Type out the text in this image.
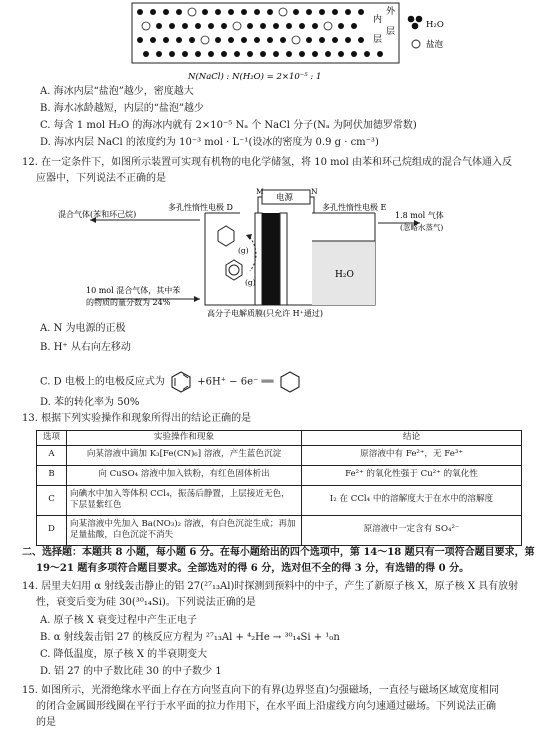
内
层
外
层
H₂O
盐泡
N(NaCl) : N(H₂O) = 2×10⁻⁵ : 1
A. 海冰内层“盐泡”越少，密度越大
B. 海水冰龄越短，内层的“盐泡”越少
C. 每含 1 mol H₂O 的海冰内就有 2×10⁻⁵ Nₐ 个 NaCl 分子(Nₐ 为阿伏加德罗常数)
D. 海冰内层 NaCl 的浓度约为 10⁻³ mol · L⁻¹(设冰的密度为 0.9 g · cm⁻³)
12. 在一定条件下，如图所示装置可实现有机物的电化学储氢，将 10 mol 由苯和环己烷组成的混合气体通入反
应器中，下列说法不正确的是
电源
M	N
多孔性惰性电极 D	多孔性惰性电极 E
H₂O
混合气体(苯和环己烷)	1.8 mol 气体
(忽略水蒸气)
10 mol 混合气体，其中苯
的物质的量分数为 24%
(g)
(g)
高分子电解质膜(只允许 H⁺通过)
A. N 为电源的正极
B. H⁺ 从右向左移动
C. D 电极上的电极反应式为	+6H⁺ − 6e⁻ ══
D. 苯的转化率为 50%
13. 根据下列实验操作和现象所得出的结论正确的是
选项	实验操作和现象	结论
A	向某溶液中滴加 K₃[Fe(CN)₆] 溶液，产生蓝色沉淀	原溶液中有 Fe²⁺，无 Fe³⁺
B	向 CuSO₄ 溶液中加入铁粉，有红色固体析出	Fe²⁺ 的氧化性强于 Cu²⁺ 的氧化性
C	向碘水中加入等体积 CCl₄，振荡后静置，上层接近无色，下层显紫红色	I₂ 在 CCl₄ 中的溶解度大于在水中的溶解度
D	向某溶液中先加入 Ba(NO₃)₂ 溶液，有白色沉淀生成；再加足量盐酸，白色沉淀不消失	原溶液中一定含有 SO₄²⁻
二、选择题：本题共 8 小题，每小题 6 分。在每小题给出的四个选项中，第 14～18 题只有一项符合题目要求，第
19～21 题有多项符合题目要求。全部选对的得 6 分，选对但不全的得 3 分，有选错的得 0 分。
14. 居里夫妇用 α 射线轰击静止的铝 27(²⁷₁₃Al)时探测到预料中的中子，产生了新原子核 X，原子核 X 具有放射
性，衰变后变为硅 30(³⁰₁₄Si)。下列说法正确的是
A. 原子核 X 衰变过程中产生正电子
B. α 射线轰击铝 27 的核反应方程为 ²⁷₁₃Al + ⁴₂He → ³⁰₁₄Si + ¹₀n
C. 降低温度，原子核 X 的半衰期变大
D. 铝 27 的中子数比硅 30 的中子数少 1
15. 如图所示，光滑绝缘水平面上存在方向竖直向下的有界(边界竖直)匀强磁场，一直径与磁场区域宽度相同
的闭合金属圆形线圈在平行于水平面的拉力作用下，在水平面上沿虚线方向匀速通过磁场。下列说法正确
的是
